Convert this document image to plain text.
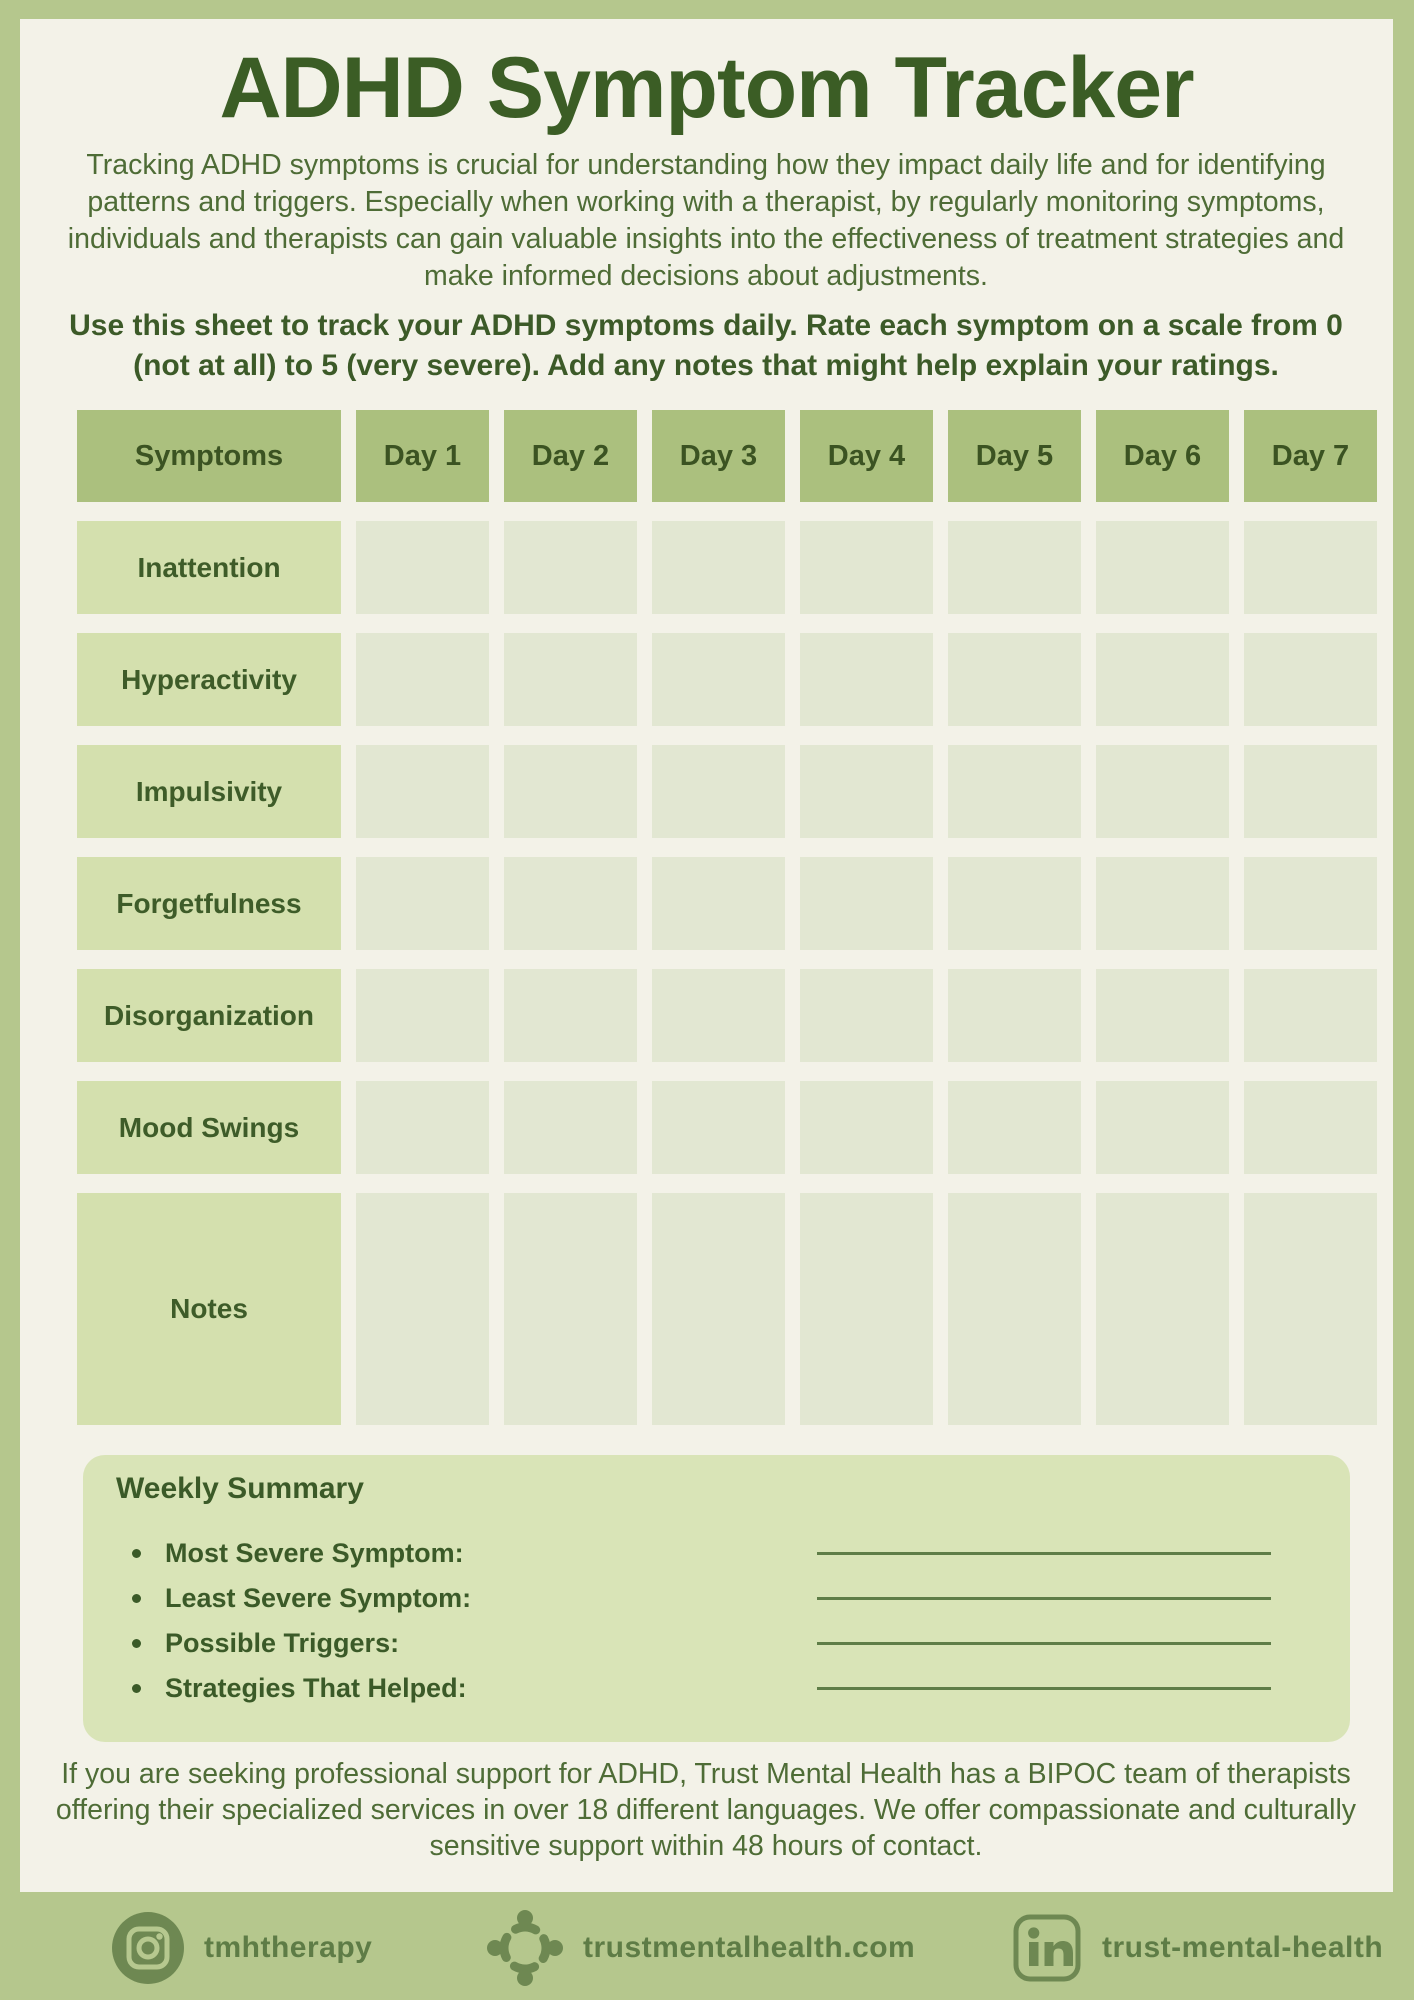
ADHD Symptom Tracker

Tracking ADHD symptoms is crucial for understanding how they impact daily life and for identifying patterns and triggers. Especially when working with a therapist, by regularly monitoring symptoms, individuals and therapists can gain valuable insights into the effectiveness of treatment strategies and make informed decisions about adjustments.

Use this sheet to track your ADHD symptoms daily. Rate each symptom on a scale from 0 (not at all) to 5 (very severe). Add any notes that might help explain your ratings.

Symptoms	Day 1	Day 2	Day 3	Day 4	Day 5	Day 6	Day 7
Inattention
Hyperactivity
Impulsivity
Forgetfulness
Disorganization
Mood Swings
Notes
Weekly Summary
Most Severe Symptom:
Least Severe Symptom:
Possible Triggers:
Strategies That Helped:

If you are seeking professional support for ADHD, Trust Mental Health has a BIPOC team of therapists offering their specialized services in over 18 different languages. We offer compassionate and culturally sensitive support within 48 hours of contact.

tmhtherapy	trustmentalhealth.com	trust-mental-health
